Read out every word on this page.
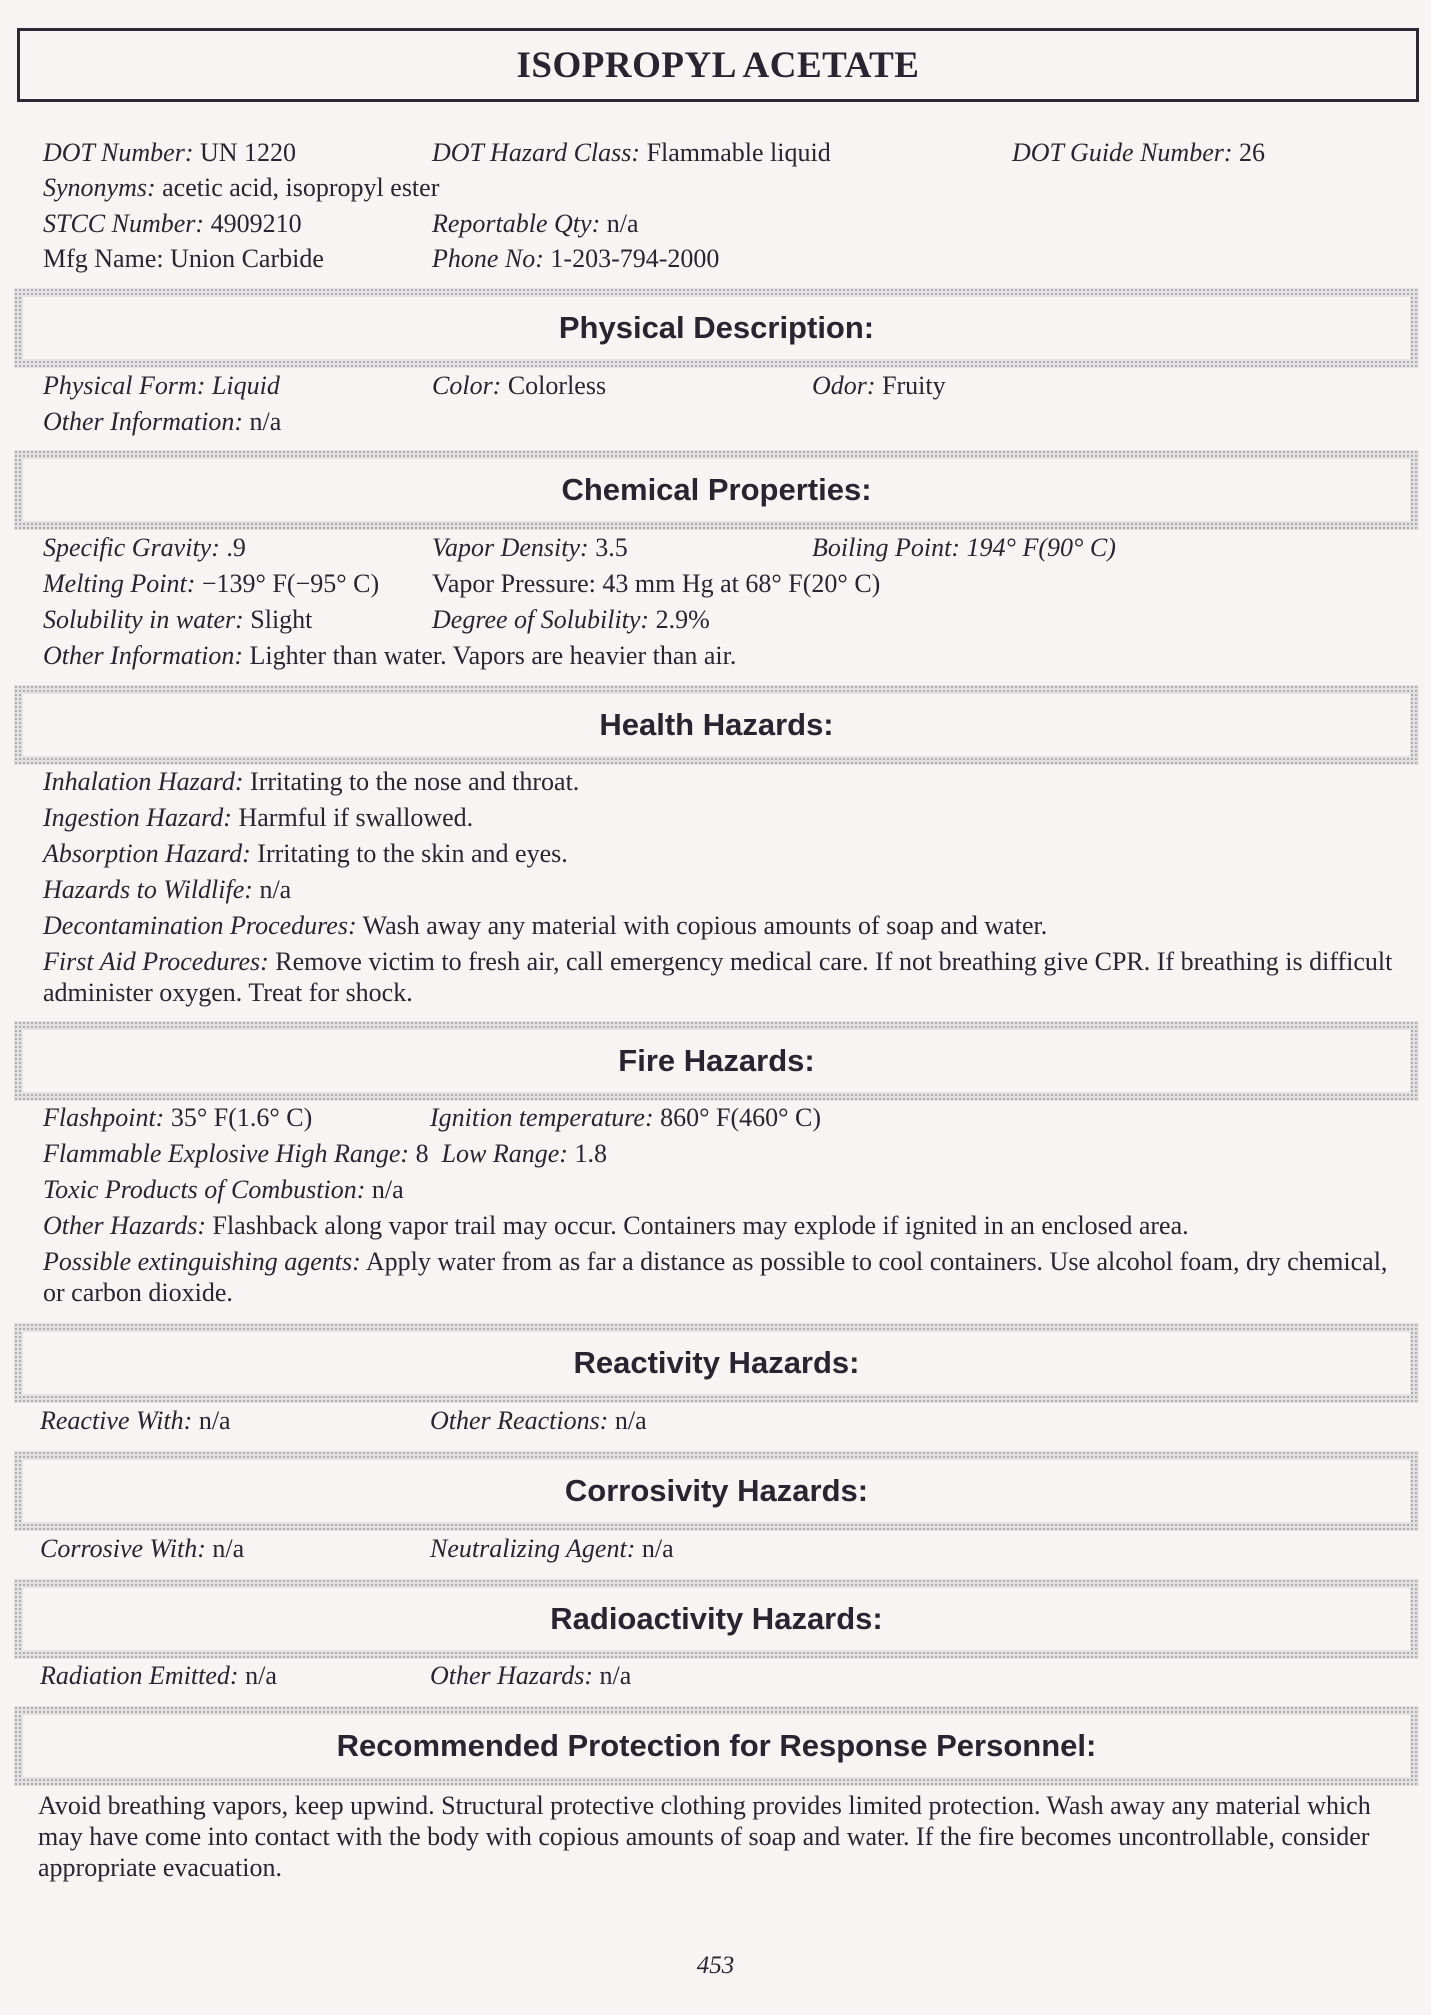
ISOPROPYL ACETATE
DOT Number: UN 1220	DOT Hazard Class: Flammable liquid	DOT Guide Number: 26
Synonyms: acetic acid, isopropyl ester
STCC Number: 4909210	Reportable Qty: n/a
Mfg Name: Union Carbide	Phone No: 1-203-794-2000
Physical Description:
Physical Form: Liquid	Color: Colorless	Odor: Fruity
Other Information: n/a
Chemical Properties:
Specific Gravity: .9	Vapor Density: 3.5	Boiling Point: 194° F(90° C)
Melting Point: −139° F(−95° C) Vapor Pressure: 43 mm Hg at 68° F(20° C)
Solubility in water: Slight	Degree of Solubility: 2.9%
Other Information: Lighter than water. Vapors are heavier than air.
Health Hazards:
Inhalation Hazard: Irritating to the nose and throat.
Ingestion Hazard: Harmful if swallowed.
Absorption Hazard: Irritating to the skin and eyes.
Hazards to Wildlife: n/a
Decontamination Procedures: Wash away any material with copious amounts of soap and water.
First Aid Procedures: Remove victim to fresh air, call emergency medical care. If not breathing give CPR. If breathing is difficult administer oxygen. Treat for shock.
Fire Hazards:
Flashpoint: 35° F(1.6° C)	Ignition temperature: 860° F(460° C)
Flammable Explosive High Range: 8 Low Range: 1.8
Toxic Products of Combustion: n/a
Other Hazards: Flashback along vapor trail may occur. Containers may explode if ignited in an enclosed area.
Possible extinguishing agents: Apply water from as far a distance as possible to cool containers. Use alcohol foam, dry chemical, or carbon dioxide.
Reactivity Hazards:
Reactive With: n/a	Other Reactions: n/a
Corrosivity Hazards:
Corrosive With: n/a	Neutralizing Agent: n/a
Radioactivity Hazards:
Radiation Emitted: n/a	Other Hazards: n/a
Recommended Protection for Response Personnel:
Avoid breathing vapors, keep upwind. Structural protective clothing provides limited protection. Wash away any material which may have come into contact with the body with copious amounts of soap and water. If the fire becomes uncontrollable, consider appropriate evacuation.
453
